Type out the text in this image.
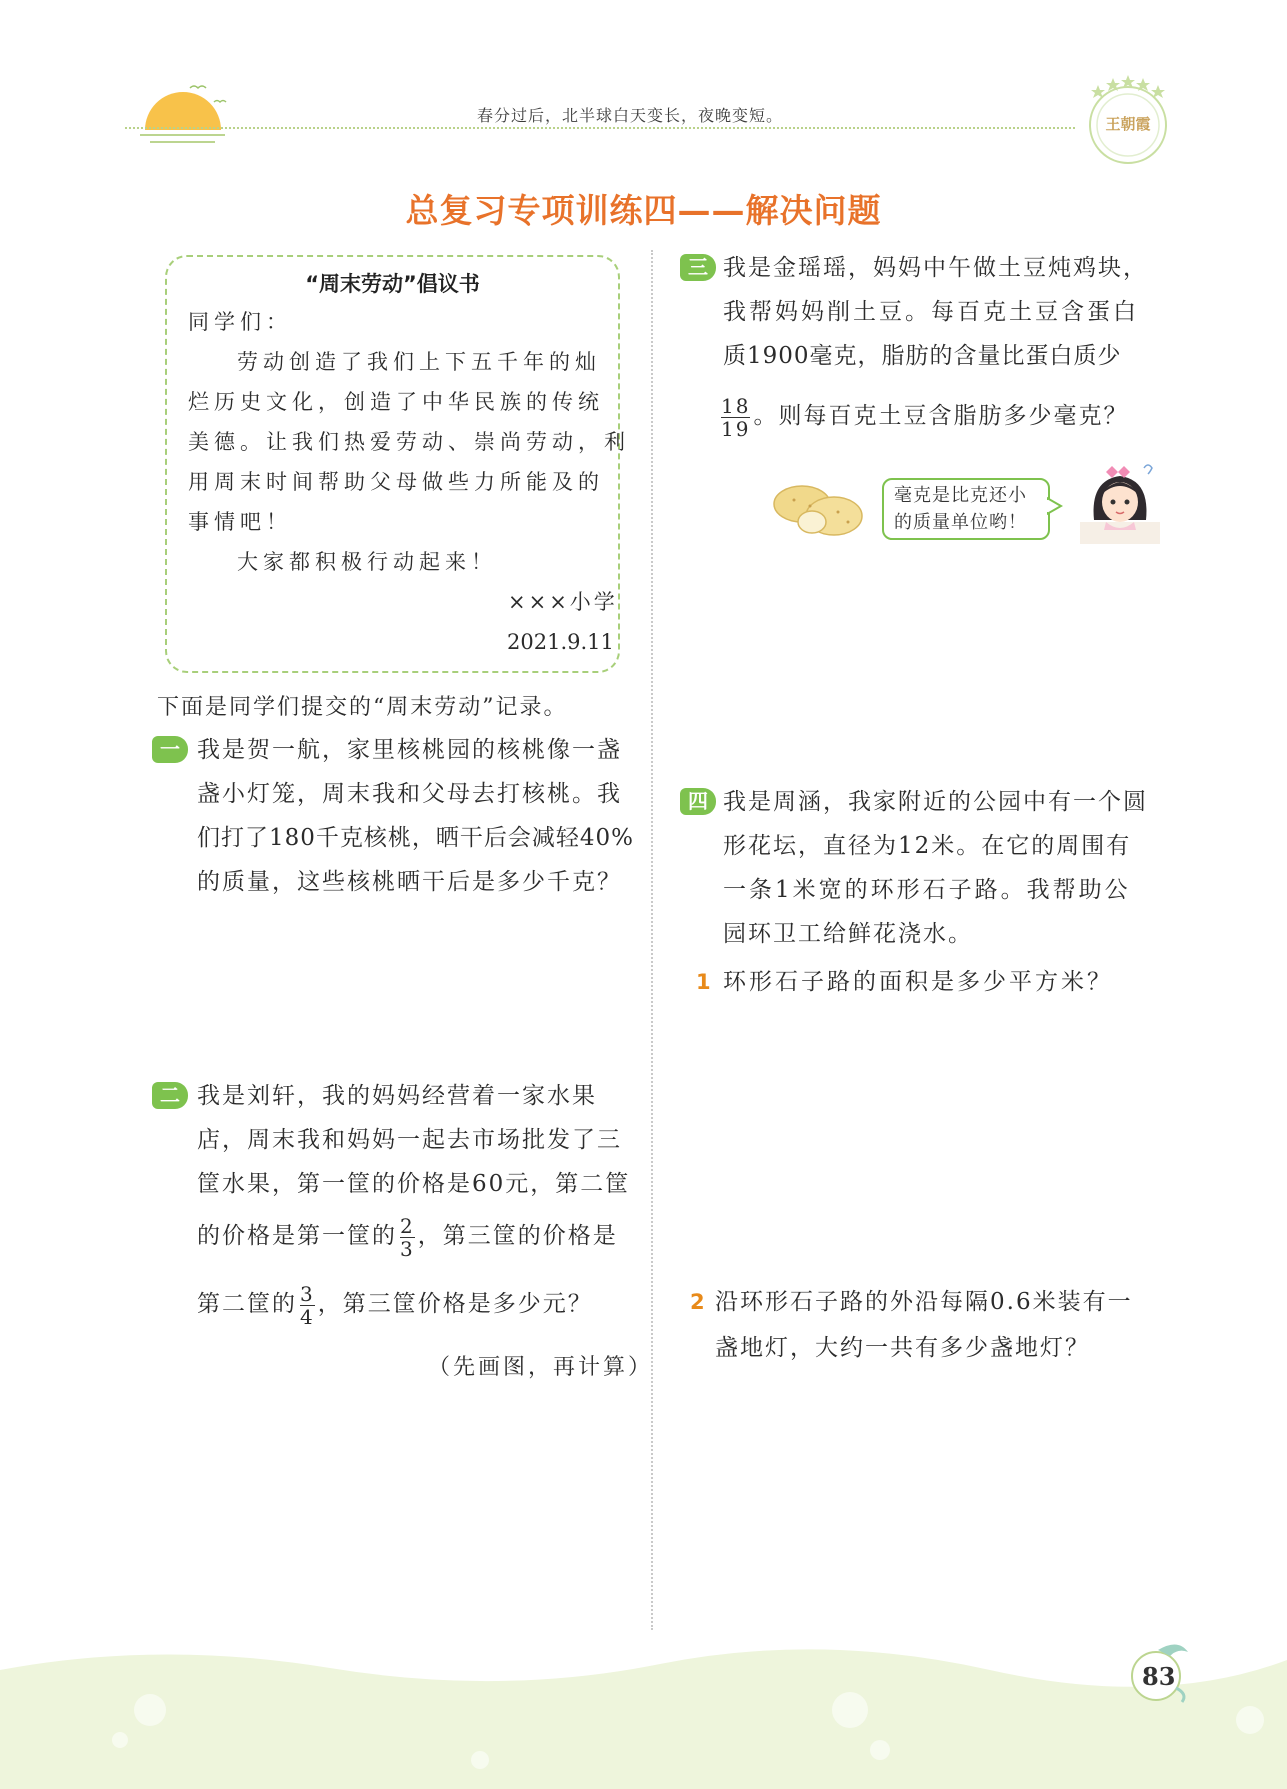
春分过后，北半球白天变长，夜晚变短。	王朝霞
总复习专项训练四——解决问题
“周末劳动”倡议书
同学们：
劳动创造了我们上下五千年的灿
烂历史文化，创造了中华民族的传统
美德。让我们热爱劳动、崇尚劳动，利
用周末时间帮助父母做些力所能及的
事情吧！
大家都积极行动起来！
×××小学
2021.9.11
下面是同学们提交的“周末劳动”记录。
一 我是贺一航，家里核桃园的核桃像一盏
盏小灯笼，周末我和父母去打核桃。我
们打了180千克核桃，晒干后会减轻40%
的质量，这些核桃晒干后是多少千克？
二 我是刘轩，我的妈妈经营着一家水果
店，周末我和妈妈一起去市场批发了三
筐水果，第一筐的价格是60元，第二筐
的价格是第一筐的 $\frac{2}{3}$ ，第三筐的价格是
第二筐的 $\frac{3}{4}$ ，第三筐价格是多少元？
（先画图，再计算）
三 我是金瑶瑶，妈妈中午做土豆炖鸡块，
我帮妈妈削土豆。每百克土豆含蛋白
质1900毫克，脂肪的含量比蛋白质少
$\frac{18}{19}$ 。则每百克土豆含脂肪多少毫克？
毫克是比克还小
的质量单位哟！
四 我是周涵，我家附近的公园中有一个圆
形花坛，直径为12米。在它的周围有
一条1米宽的环形石子路。我帮助公
园环卫工给鲜花浇水。
1 环形石子路的面积是多少平方米？
2 沿环形石子路的外沿每隔0.6米装有一
盏地灯，大约一共有多少盏地灯？
83
